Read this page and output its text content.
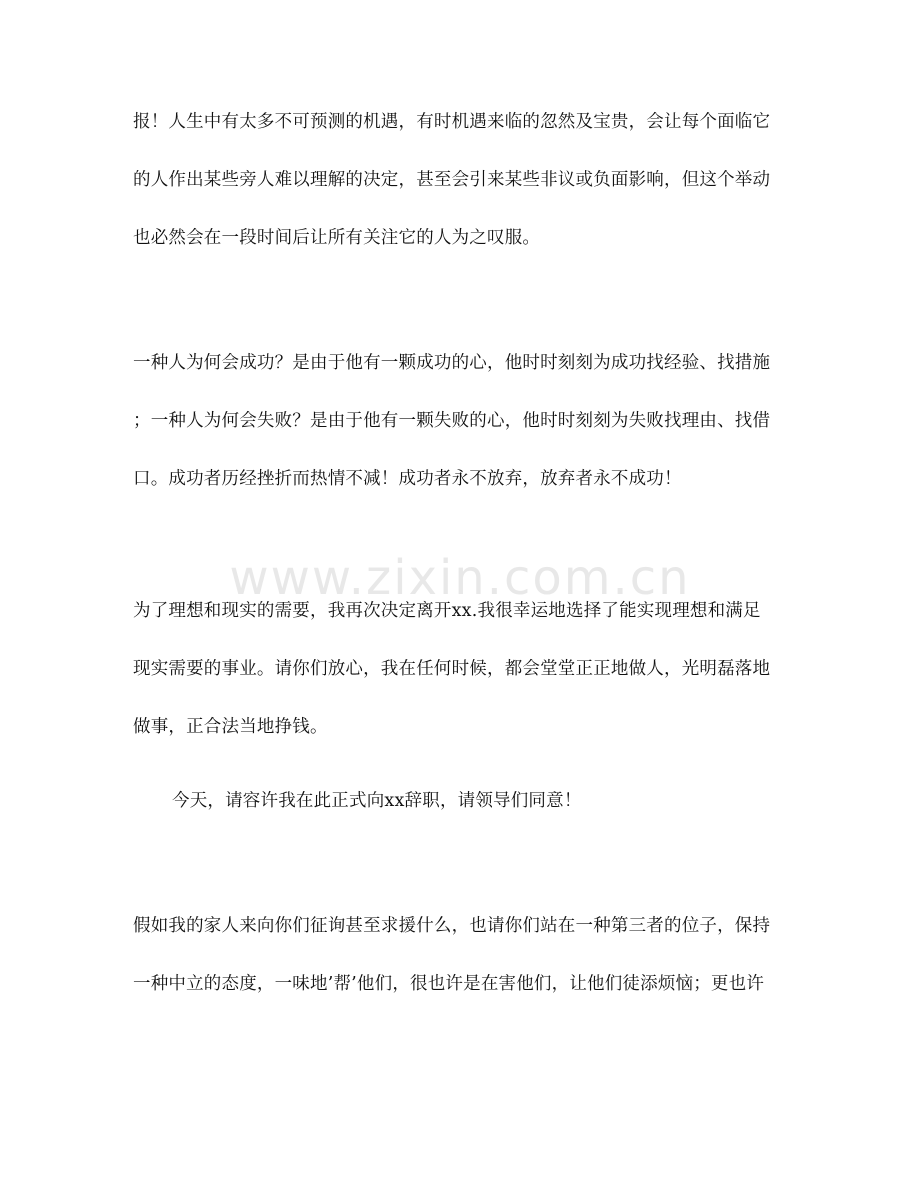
www.zixin.com.cn
报！人生中有太多不可预测的机遇，有时机遇来临的忽然及宝贵，会让每个面临它
的人作出某些旁人难以理解的决定，甚至会引来某些非议或负面影响，但这个举动
也必然会在一段时间后让所有关注它的人为之叹服。
一种人为何会成功？是由于他有一颗成功的心，他时时刻刻为成功找经验、找措施
；一种人为何会失败？是由于他有一颗失败的心，他时时刻刻为失败找理由、找借
口。成功者历经挫折而热情不减！成功者永不放弃，放弃者永不成功！
为了理想和现实的需要，我再次决定离开xx.我很幸运地选择了能实现理想和满足
现实需要的事业。请你们放心，我在任何时候，都会堂堂正正地做人，光明磊落地
做事，正合法当地挣钱。
今天，请容许我在此正式向xx辞职，请领导们同意！
假如我的家人来向你们征询甚至求援什么，也请你们站在一种第三者的位子，保持
一种中立的态度，一味地’帮’他们，很也许是在害他们，让他们徒添烦恼；更也许
